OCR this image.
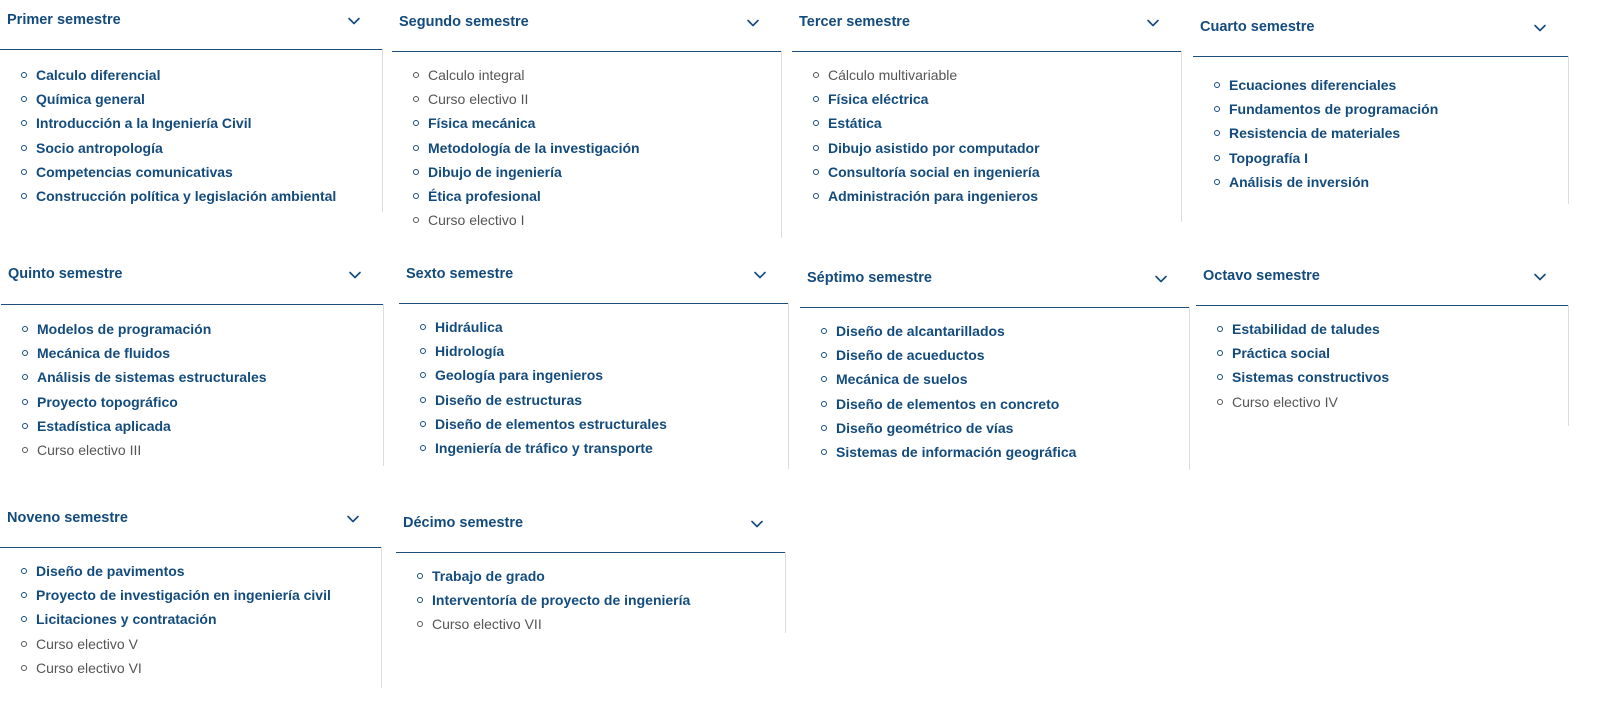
Primer semestre
Calculo diferencial
Química general
Introducción a la Ingeniería Civil
Socio antropología
Competencias comunicativas
Construcción política y legislación ambiental
Segundo semestre
Calculo integral
Curso electivo II
Física mecánica
Metodología de la investigación
Dibujo de ingeniería
Ética profesional
Curso electivo I
Tercer semestre
Cálculo multivariable
Física eléctrica
Estática
Dibujo asistido por computador
Consultoría social en ingeniería
Administración para ingenieros
Cuarto semestre
Ecuaciones diferenciales
Fundamentos de programación
Resistencia de materiales
Topografía I
Análisis de inversión
Quinto semestre
Modelos de programación
Mecánica de fluidos
Análisis de sistemas estructurales
Proyecto topográfico
Estadística aplicada
Curso electivo III
Sexto semestre
Hidráulica
Hidrología
Geología para ingenieros
Diseño de estructuras
Diseño de elementos estructurales
Ingeniería de tráfico y transporte
Séptimo semestre
Diseño de alcantarillados
Diseño de acueductos
Mecánica de suelos
Diseño de elementos en concreto
Diseño geométrico de vías
Sistemas de información geográfica
Octavo semestre
Estabilidad de taludes
Práctica social
Sistemas constructivos
Curso electivo IV
Noveno semestre
Diseño de pavimentos
Proyecto de investigación en ingeniería civil
Licitaciones y contratación
Curso electivo V
Curso electivo VI
Décimo semestre
Trabajo de grado
Interventoría de proyecto de ingeniería
Curso electivo VII
